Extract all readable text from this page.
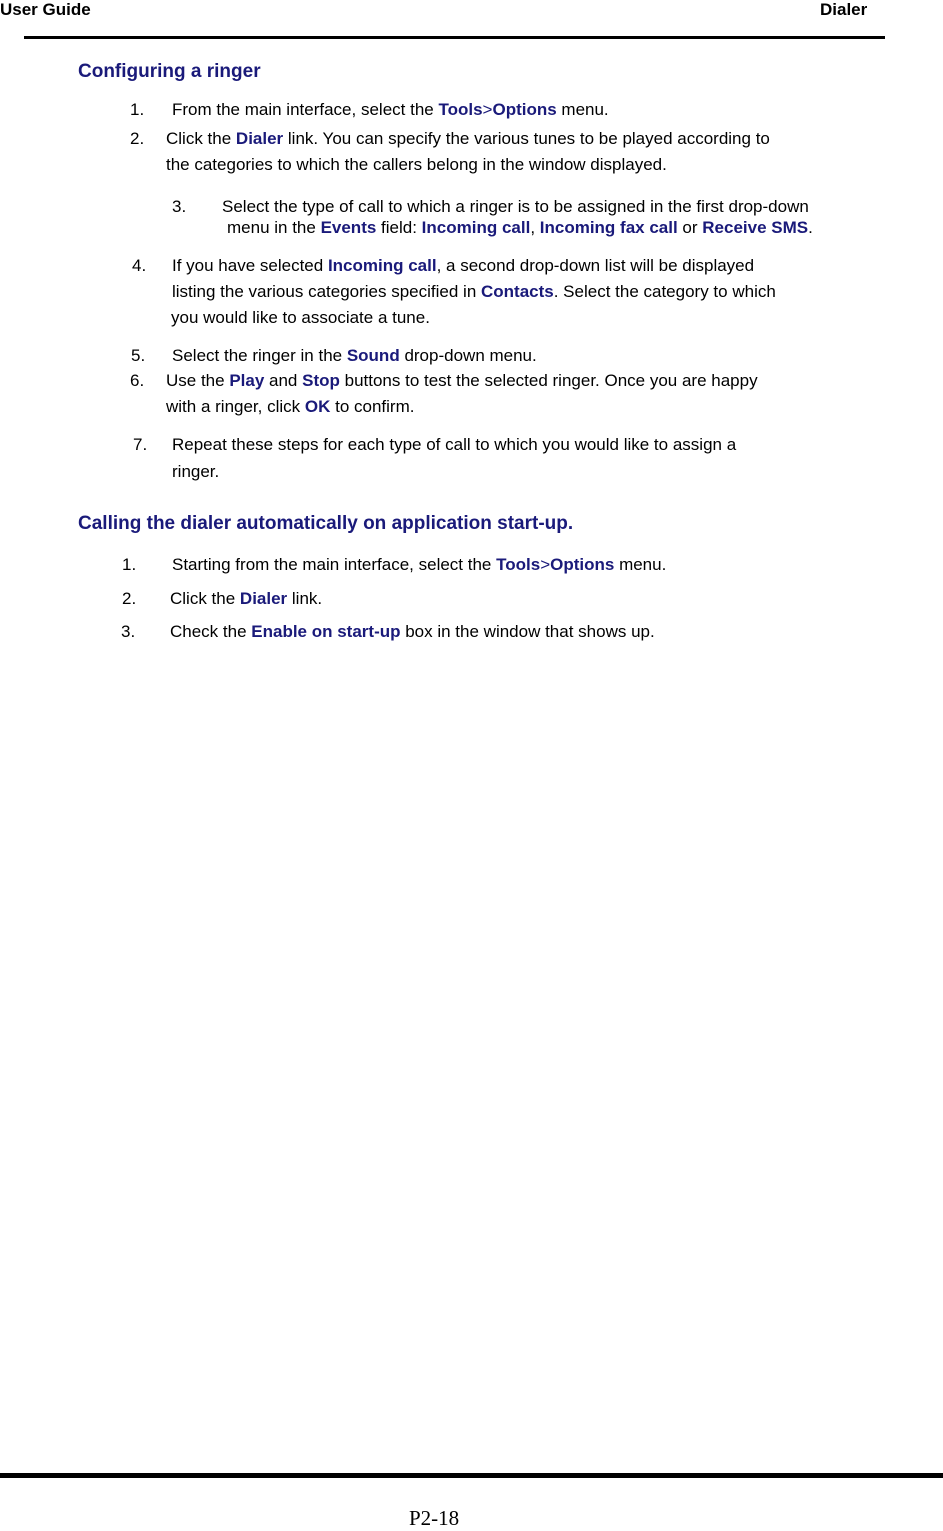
User Guide	Dialer
Configuring a ringer
1. From the main interface, select the Tools>Options menu.
2. Click the Dialer link. You can specify the various tunes to be played according to
the categories to which the callers belong in the window displayed.
3. Select the type of call to which a ringer is to be assigned in the first drop-down
menu in the Events field: Incoming call, Incoming fax call or Receive SMS.
4. If you have selected Incoming call, a second drop-down list will be displayed
listing the various categories specified in Contacts. Select the category to which
you would like to associate a tune.
5. Select the ringer in the Sound drop-down menu.
6. Use the Play and Stop buttons to test the selected ringer. Once you are happy
with a ringer, click OK to confirm.
7. Repeat these steps for each type of call to which you would like to assign a
ringer.
Calling the dialer automatically on application start-up.
1. Starting from the main interface, select the Tools>Options menu.
2. Click the Dialer link.
3. Check the Enable on start-up box in the window that shows up.
P2-18
